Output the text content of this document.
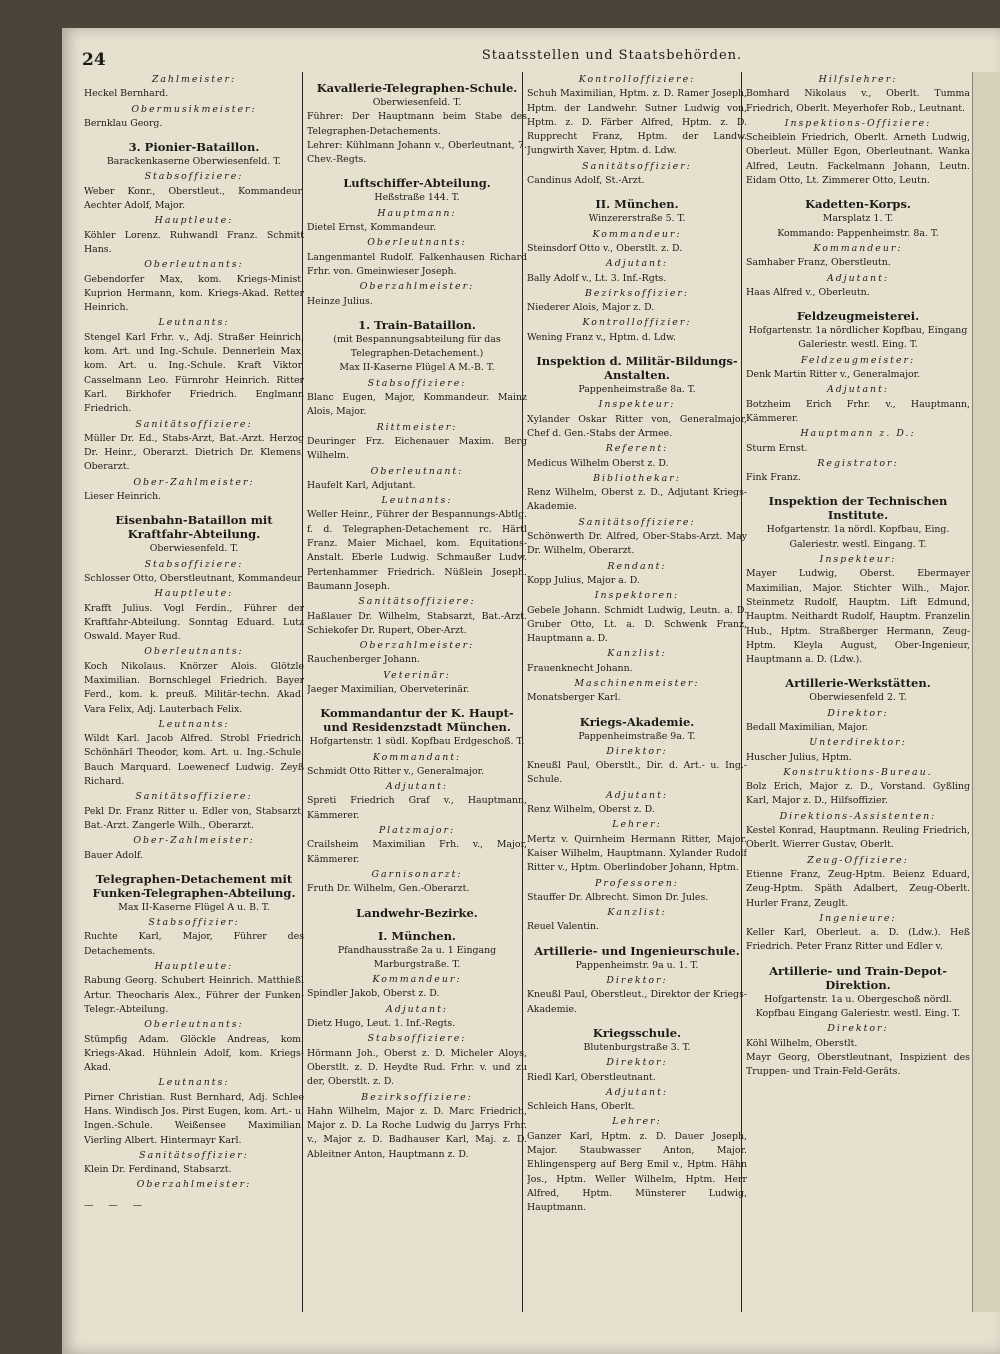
24	Staatsstellen und Staatsbehörden.
Zahlmeister:
Heckel Bernhard.
Obermusikmeister:
Bernklau Georg.
3. Pionier-Bataillon.
Barackenkaserne Oberwiesenfeld. T.
Stabsoffiziere:
Weber Konr., Oberstleut., Kommandeur. Aechter Adolf, Major.
Hauptleute:
Köhler Lorenz. Ruhwandl Franz. Schmitt Hans.
Oberleutnants:
Gebendorfer Max, kom. Kriegs-Minist. Kuprion Hermann, kom. Kriegs-Akad. Retter Heinrich.
Leutnants:
Stengel Karl Frhr. v., Adj. Straßer Heinrich, kom. Art. und Ing.-Schule. Dennerlein Max, kom. Art. u. Ing.-Schule. Kraft Viktor. Casselmann Leo. Fürnrohr Heinrich. Ritter Karl. Birkhofer Friedrich. Englmann Friedrich.
Sanitätsoffiziere:
Müller Dr. Ed., Stabs-Arzt, Bat.-Arzt. Herzog Dr. Heinr., Oberarzt. Dietrich Dr. Klemens, Oberarzt.
Ober-Zahlmeister:
Lieser Heinrich.
Eisenbahn-Bataillon mit Kraftfahr-Abteilung.
Oberwiesenfeld. T.
Stabsoffiziere:
Schlosser Otto, Oberstleutnant, Kommandeur.
Hauptleute:
Krafft Julius. Vogl Ferdin., Führer der Kraftfahr-Abteilung. Sonntag Eduard. Lutz Oswald. Mayer Rud.
Oberleutnants:
Koch Nikolaus. Knörzer Alois. Glötzle Maximilian. Bornschlegel Friedrich. Bayer Ferd., kom. k. preuß. Militär-techn. Akad. Vara Felix, Adj. Lauterbach Felix.
Leutnants:
Wildt Karl. Jacob Alfred. Strobl Friedrich. Schönhärl Theodor, kom. Art. u. Ing.-Schule. Bauch Marquard. Loewenecf Ludwig. Zeyß Richard.
Sanitätsoffiziere:
Pekl Dr. Franz Ritter u. Edler von, Stabsarzt, Bat.-Arzt. Zangerle Wilh., Oberarzt.
Ober-Zahlmeister:
Bauer Adolf.
Telegraphen-Detachement mit Funken-Telegraphen-Abteilung.
Max II-Kaserne Flügel A u. B. T.
Stabsoffizier:
Ruchte Karl, Major, Führer des Detachements.
Hauptleute:
Rabung Georg. Schubert Heinrich. Matthießl Artur. Theocharis Alex., Führer der Funken-Telegr.-Abteilung.
Oberleutnants:
Stümpfig Adam. Glöckle Andreas, kom. Kriegs-Akad. Hühnlein Adolf, kom. Kriegs-Akad.
Leutnants:
Pirner Christian. Rust Bernhard, Adj. Schlee Hans. Windisch Jos. Pirst Eugen, kom. Art.- u. Ingen.-Schule. Weißensee Maximilian. Vierling Albert. Hintermayr Karl.
Sanitätsoffizier:
Klein Dr. Ferdinand, Stabsarzt.
Oberzahlmeister:
— — —
Kavallerie-Telegraphen-Schule.
Oberwiesenfeld. T.
Führer: Der Hauptmann beim Stabe des Telegraphen-Detachements.
Lehrer: Kühlmann Johann v., Oberleutnant, 7. Chev.-Regts.
Luftschiffer-Abteilung.
Heßstraße 144. T.
Hauptmann:
Dietel Ernst, Kommandeur.
Oberleutnants:
Langenmantel Rudolf. Falkenhausen Richard Frhr. von. Gmeinwieser Joseph.
Oberzahlmeister:
Heinze Julius.
1. Train-Bataillon.
(mit Bespannungsabteilung für das Telegraphen-Detachement.)
Max II-Kaserne Flügel A M.-B. T.
Stabsoffiziere:
Blanc Eugen, Major, Kommandeur. Mainz Alois, Major.
Rittmeister:
Deuringer Frz. Eichenauer Maxim. Berg Wilhelm.
Oberleutnant:
Haufelt Karl, Adjutant.
Leutnants:
Weller Heinr., Führer der Bespannungs-Abtlg. f. d. Telegraphen-Detachement rc. Härtl Franz. Maier Michael, kom. Equitations-Anstalt. Eberle Ludwig. Schmaußer Ludw. Pertenhammer Friedrich. Nüßlein Joseph. Baumann Joseph.
Sanitätsoffiziere:
Haßlauer Dr. Wilhelm, Stabsarzt, Bat.-Arzt. Schiekofer Dr. Rupert, Ober-Arzt.
Oberzahlmeister:
Rauchenberger Johann.
Veterinär:
Jaeger Maximilian, Oberveterinär.
Kommandantur der K. Haupt- und Residenzstadt München.
Hofgartenstr. 1 südl. Kopfbau Erdgeschoß. T.
Kommandant:
Schmidt Otto Ritter v., Generalmajor.
Adjutant:
Spreti Friedrich Graf v., Hauptmann, Kämmerer.
Platzmajor:
Crailsheim Maximilian Frh. v., Major, Kämmerer.
Garnisonarzt:
Fruth Dr. Wilhelm, Gen.-Oberarzt.
Landwehr-Bezirke.
I. München.
Pfandhausstraße 2a u. 1 Eingang Marburgstraße. T.
Kommandeur:
Spindler Jakob, Oberst z. D.
Adjutant:
Dietz Hugo, Leut. 1. Inf.-Regts.
Stabsoffiziere:
Hörmann Joh., Oberst z. D. Micheler Aloys, Oberstlt. z. D. Heydte Rud. Frhr. v. und zu der, Oberstlt. z. D.
Bezirksoffiziere:
Hahn Wilhelm, Major z. D. Marc Friedrich, Major z. D. La Roche Ludwig du Jarrys Frhr. v., Major z. D. Badhauser Karl, Maj. z. D. Ableitner Anton, Hauptmann z. D.
Kontrolloffiziere:
Schuh Maximilian, Hptm. z. D. Ramer Joseph, Hptm. der Landwehr. Sutner Ludwig von, Hptm. z. D. Färber Alfred, Hptm. z. D. Rupprecht Franz, Hptm. der Landw. Jungwirth Xaver, Hptm. d. Ldw.
Sanitätsoffizier:
Candinus Adolf, St.-Arzt.
II. München.
Winzererstraße 5. T.
Kommandeur:
Steinsdorf Otto v., Oberstlt. z. D.
Adjutant:
Bally Adolf v., Lt. 3. Inf.-Rgts.
Bezirksoffizier:
Niederer Alois, Major z. D.
Kontrolloffizier:
Wening Franz v., Hptm. d. Ldw.
Inspektion d. Militär-Bildungs-Anstalten.
Pappenheimstraße 8a. T.
Inspekteur:
Xylander Oskar Ritter von, Generalmajor, Chef d. Gen.-Stabs der Armee.
Referent:
Medicus Wilhelm Oberst z. D.
Bibliothekar:
Renz Wilhelm, Oberst z. D., Adjutant Kriegs-Akademie.
Sanitätsoffiziere:
Schönwerth Dr. Alfred, Ober-Stabs-Arzt. May Dr. Wilhelm, Oberarzt.
Rendant:
Kopp Julius, Major a. D.
Inspektoren:
Gebele Johann. Schmidt Ludwig, Leutn. a. D. Gruber Otto, Lt. a. D. Schwenk Franz, Hauptmann a. D.
Kanzlist:
Frauenknecht Johann.
Maschinenmeister:
Monatsberger Karl.
Kriegs-Akademie.
Pappenheimstraße 9a. T.
Direktor:
Kneußl Paul, Oberstlt., Dir. d. Art.- u. Ing.-Schule.
Adjutant:
Renz Wilhelm, Oberst z. D.
Lehrer:
Mertz v. Quirnheim Hermann Ritter, Major. Kaiser Wilhelm, Hauptmann. Xylander Rudolf Ritter v., Hptm. Oberlindober Johann, Hptm.
Professoren:
Stauffer Dr. Albrecht. Simon Dr. Jules.
Kanzlist:
Reuel Valentin.
Artillerie- und Ingenieurschule.
Pappenheimstr. 9a u. 1. T.
Direktor:
Kneußl Paul, Oberstleut., Direktor der Kriegs-Akademie.
Kriegsschule.
Blutenburgstraße 3. T.
Direktor:
Riedl Karl, Oberstleutnant.
Adjutant:
Schleich Hans, Oberlt.
Lehrer:
Ganzer Karl, Hptm. z. D. Dauer Joseph, Major. Staubwasser Anton, Major. Ehlingensperg auf Berg Emil v., Hptm. Hähn Jos., Hptm. Weller Wilhelm, Hptm. Herr Alfred, Hptm. Münsterer Ludwig, Hauptmann.
Hilfslehrer:
Bomhard Nikolaus v., Oberlt. Tumma Friedrich, Oberlt. Meyerhofer Rob., Leutnant.
Inspektions-Offiziere:
Scheiblein Friedrich, Oberlt. Arneth Ludwig, Oberleut. Müller Egon, Oberleutnant. Wanka Alfred, Leutn. Fackelmann Johann, Leutn. Eidam Otto, Lt. Zimmerer Otto, Leutn.
Kadetten-Korps.
Marsplatz 1. T.
Kommando: Pappenheimstr. 8a. T.
Kommandeur:
Samhaber Franz, Oberstleutn.
Adjutant:
Haas Alfred v., Oberleutn.
Feldzeugmeisterei.
Hofgartenstr. 1a nördlicher Kopfbau, Eingang Galeriestr. westl. Eing. T.
Feldzeugmeister:
Denk Martin Ritter v., Generalmajor.
Adjutant:
Botzheim Erich Frhr. v., Hauptmann, Kämmerer.
Hauptmann z. D.:
Sturm Ernst.
Registrator:
Fink Franz.
Inspektion der Technischen Institute.
Hofgartenstr. 1a nördl. Kopfbau, Eing. Galeriestr. westl. Eingang. T.
Inspekteur:
Mayer Ludwig, Oberst. Ebermayer Maximilian, Major. Stichter Wilh., Major. Steinmetz Rudolf, Hauptm. Lift Edmund, Hauptm. Neithardt Rudolf, Hauptm. Franzelin Hub., Hptm. Straßberger Hermann, Zeug-Hptm. Kleyla August, Ober-Ingenieur, Hauptmann a. D. (Ldw.).
Artillerie-Werkstätten.
Oberwiesenfeld 2. T.
Direktor:
Bedall Maximilian, Major.
Unterdirektor:
Huscher Julius, Hptm.
Konstruktions-Bureau.
Bolz Erich, Major z. D., Vorstand. Gyßling Karl, Major z. D., Hilfsoffizier.
Direktions-Assistenten:
Kestel Konrad, Hauptmann. Reuling Friedrich, Oberlt. Wierrer Gustav, Oberlt.
Zeug-Offiziere:
Etienne Franz, Zeug-Hptm. Beienz Eduard, Zeug-Hptm. Späth Adalbert, Zeug-Oberlt. Hurler Franz, Zeuglt.
Ingenieure:
Keller Karl, Oberleut. a. D. (Ldw.). Heß Friedrich. Peter Franz Ritter und Edler v.
Artillerie- und Train-Depot-Direktion.
Hofgartenstr. 1a u. Obergeschoß nördl. Kopfbau Eingang Galeriestr. westl. Eing. T.
Direktor:
Köhl Wilhelm, Oberstlt.
Mayr Georg, Oberstleutnant, Inspizient des Truppen- und Train-Feld-Geräts.
